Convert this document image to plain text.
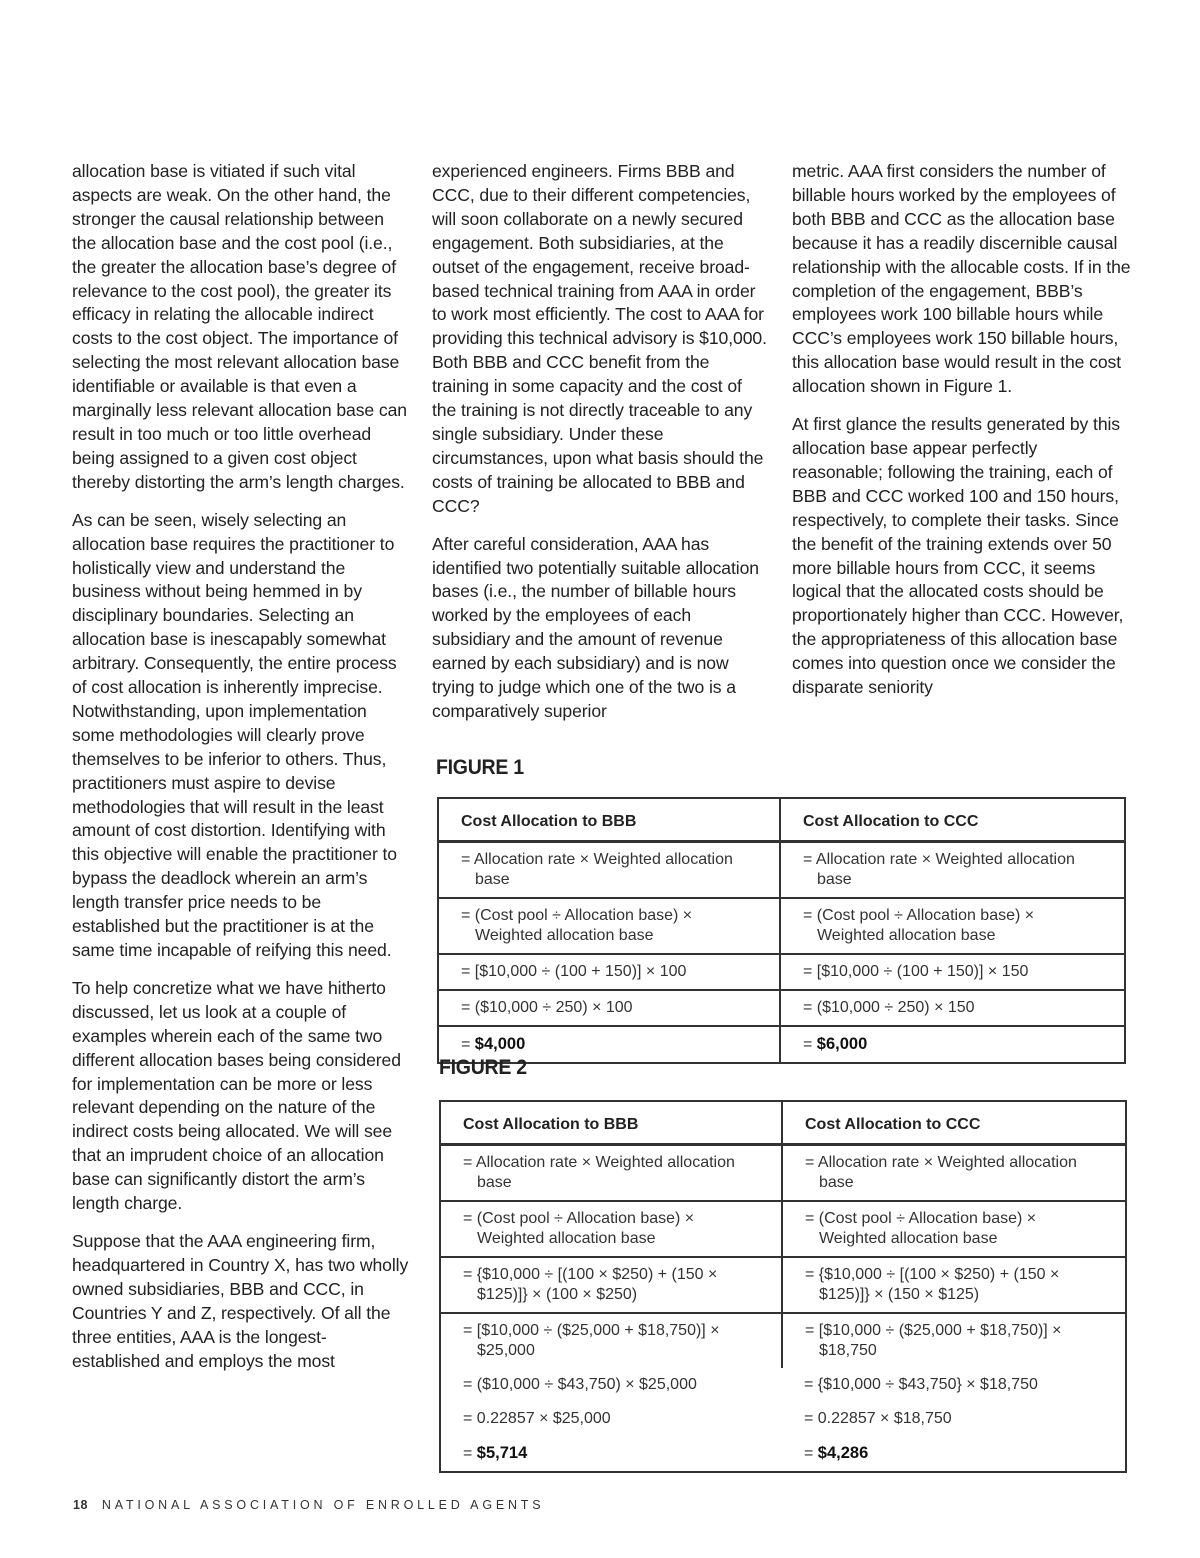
allocation base is vitiated if such vital aspects are weak. On the other hand, the stronger the causal relationship between the allocation base and the cost pool (i.e., the greater the allocation base’s degree of relevance to the cost pool), the greater its efficacy in relating the allocable indirect costs to the cost object. The importance of selecting the most relevant allocation base identifiable or available is that even a marginally less relevant allocation base can result in too much or too little overhead being assigned to a given cost object thereby distorting the arm’s length charges.

As can be seen, wisely selecting an allocation base requires the practitioner to holistically view and understand the business without being hemmed in by disciplinary boundaries. Selecting an allocation base is inescapably somewhat arbitrary. Consequently, the entire process of cost allocation is inherently imprecise. Notwithstanding, upon implementation some methodologies will clearly prove themselves to be inferior to others. Thus, practitioners must aspire to devise methodologies that will result in the least amount of cost distortion. Identifying with this objective will enable the practitioner to bypass the deadlock wherein an arm’s length transfer price needs to be established but the practitioner is at the same time incapable of reifying this need.

To help concretize what we have hitherto discussed, let us look at a couple of examples wherein each of the same two different allocation bases being considered for implementation can be more or less relevant depending on the nature of the indirect costs being allocated. We will see that an imprudent choice of an allocation base can significantly distort the arm’s length charge.

Suppose that the AAA engineering firm, headquartered in Country X, has two wholly owned subsidiaries, BBB and CCC, in Countries Y and Z, respectively. Of all the three entities, AAA is the longest-established and employs the most

experienced engineers. Firms BBB and CCC, due to their different competencies, will soon collaborate on a newly secured engagement. Both subsidiaries, at the outset of the engagement, receive broad-based technical training from AAA in order to work most efficiently. The cost to AAA for providing this technical advisory is $10,000. Both BBB and CCC benefit from the training in some capacity and the cost of the training is not directly traceable to any single subsidiary. Under these circumstances, upon what basis should the costs of training be allocated to BBB and CCC?

After careful consideration, AAA has identified two potentially suitable allocation bases (i.e., the number of billable hours worked by the employees of each subsidiary and the amount of revenue earned by each subsidiary) and is now trying to judge which one of the two is a comparatively superior

metric. AAA first considers the number of billable hours worked by the employees of both BBB and CCC as the allocation base because it has a readily discernible causal relationship with the allocable costs. If in the completion of the engagement, BBB’s employees work 100 billable hours while CCC’s employees work 150 billable hours, this allocation base would result in the cost allocation shown in Figure 1.

At first glance the results generated by this allocation base appear perfectly reasonable; following the training, each of BBB and CCC worked 100 and 150 hours, respectively, to complete their tasks. Since the benefit of the training extends over 50 more billable hours from CCC, it seems logical that the allocated costs should be proportionately higher than CCC. However, the appropriateness of this allocation base comes into question once we consider the disparate seniority

FIGURE 1
Cost Allocation to BBB	Cost Allocation to CCC

= Allocation rate × Weighted allocation base	= Allocation rate × Weighted allocation base

= (Cost pool ÷ Allocation base) × Weighted allocation base	= (Cost pool ÷ Allocation base) × Weighted allocation base

= [$10,000 ÷ (100 + 150)] × 100	= [$10,000 ÷ (100 + 150)] × 150

= ($10,000 ÷ 250) × 100	= ($10,000 ÷ 250) × 150

= $4,000	= $6,000
FIGURE 2
Cost Allocation to BBB	Cost Allocation to CCC

= Allocation rate × Weighted allocation base	= Allocation rate × Weighted allocation base

= (Cost pool ÷ Allocation base) × Weighted allocation base	= (Cost pool ÷ Allocation base) × Weighted allocation base

= {$10,000 ÷ [(100 × $250) + (150 × $125)]} × (100 × $250)	= {$10,000 ÷ [(100 × $250) + (150 × $125)]} × (150 × $125)

= [$10,000 ÷ ($25,000 + $18,750)] × $25,000	= [$10,000 ÷ ($25,000 + $18,750)] × $18,750

= ($10,000 ÷ $43,750) × $25,000	= {$10,000 ÷ $43,750} × $18,750

= 0.22857 × $25,000	= 0.22857 × $18,750

= $5,714	= $4,286
18 NATIONAL ASSOCIATION OF ENROLLED AGENTS
